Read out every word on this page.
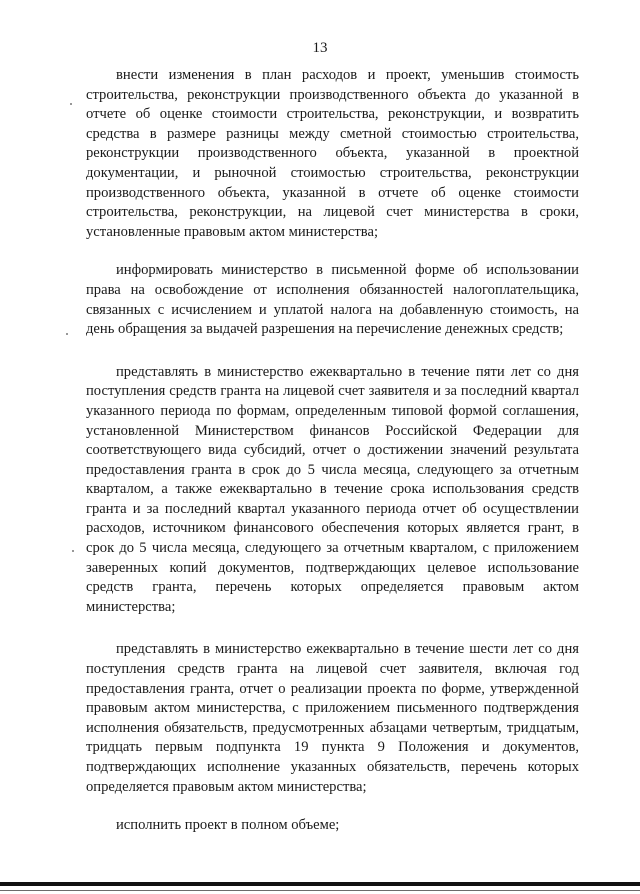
13

внести изменения в план расходов и проект, уменьшив стоимость строительства, реконструкции производственного объекта до указанной в отчете об оценке стоимости строительства, реконструкции, и возвратить средства в размере разницы между сметной стоимостью строительства, реконструкции производственного объекта, указанной в проектной документации, и рыночной стоимостью строительства, реконструкции производственного объекта, указанной в отчете об оценке стоимости строительства, реконструкции, на лицевой счет министерства в сроки, установленные правовым актом министерства;

информировать министерство в письменной форме об использовании права на освобождение от исполнения обязанностей налогоплательщика, связанных с исчислением и уплатой налога на добавленную стоимость, на день обращения за выдачей разрешения на перечисление денежных средств;

представлять в министерство ежеквартально в течение пяти лет со дня поступления средств гранта на лицевой счет заявителя и за последний квартал указанного периода по формам, определенным типовой формой соглашения, установленной Министерством финансов Российской Федерации для соответствующего вида субсидий, отчет о достижении значений результата предоставления гранта в срок до 5 числа месяца, следующего за отчетным кварталом, а также ежеквартально в течение срока использования средств гранта и за последний квартал указанного периода отчет об осуществлении расходов, источником финансового обеспечения которых является грант, в срок до 5 числа месяца, следующего за отчетным кварталом, с приложением заверенных копий документов, подтверждающих целевое использование средств гранта, перечень которых определяется правовым актом министерства;

представлять в министерство ежеквартально в течение шести лет со дня поступления средств гранта на лицевой счет заявителя, включая год предоставления гранта, отчет о реализации проекта по форме, утвержденной правовым актом министерства, с приложением письменного подтверждения исполнения обязательств, предусмотренных абзацами четвертым, тридцатым, тридцать первым подпункта 19 пункта 9 Положения и документов, подтверждающих исполнение указанных обязательств, перечень которых определяется правовым актом министерства;

исполнить проект в полном объеме;
